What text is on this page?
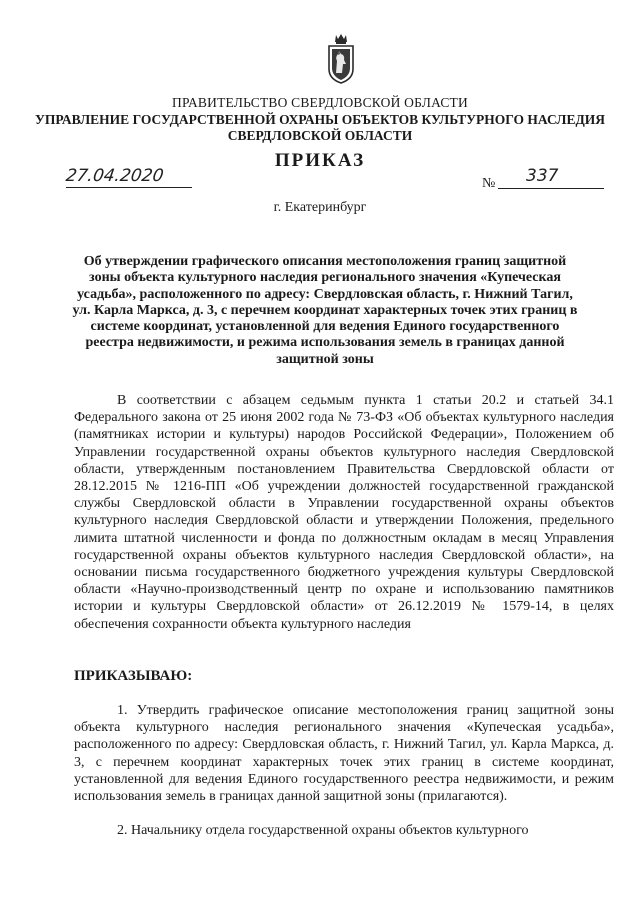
ПРАВИТЕЛЬСТВО СВЕРДЛОВСКОЙ ОБЛАСТИ
УПРАВЛЕНИЕ ГОСУДАРСТВЕННОЙ ОХРАНЫ ОБЪЕКТОВ КУЛЬТУРНОГО НАСЛЕДИЯ СВЕРДЛОВСКОЙ ОБЛАСТИ
ПРИКАЗ
27.04.2020	№ 337
г. Екатеринбург
Об утверждении графического описания местоположения границ защитной зоны объекта культурного наследия регионального значения «Купеческая усадьба», расположенного по адресу: Свердловская область, г. Нижний Тагил, ул. Карла Маркса, д. 3, с перечнем координат характерных точек этих границ в системе координат, установленной для ведения Единого государственного реестра недвижимости, и режима использования земель в границах данной защитной зоны

В соответствии с абзацем седьмым пункта 1 статьи 20.2 и статьей 34.1 Федерального закона от 25 июня 2002 года № 73-ФЗ «Об объектах культурного наследия (памятниках истории и культуры) народов Российской Федерации», Положением об Управлении государственной охраны объектов культурного наследия Свердловской области, утвержденным постановлением Правительства Свердловской области от 28.12.2015 № 1216-ПП «Об учреждении должностей государственной гражданской службы Свердловской области в Управлении государственной охраны объектов культурного наследия Свердловской области и утверждении Положения, предельного лимита штатной численности и фонда по должностным окладам в месяц Управления государственной охраны объектов культурного наследия Свердловской области», на основании письма государственного бюджетного учреждения культуры Свердловской области «Научно-производственный центр по охране и использованию памятников истории и культуры Свердловской области» от 26.12.2019 № 1579-14, в целях обеспечения сохранности объекта культурного наследия

ПРИКАЗЫВАЮ:

1. Утвердить графическое описание местоположения границ защитной зоны объекта культурного наследия регионального значения «Купеческая усадьба», расположенного по адресу: Свердловская область, г. Нижний Тагил, ул. Карла Маркса, д. 3, с перечнем координат характерных точек этих границ в системе координат, установленной для ведения Единого государственного реестра недвижимости, и режим использования земель в границах данной защитной зоны (прилагаются).

2. Начальнику отдела государственной охраны объектов культурного
